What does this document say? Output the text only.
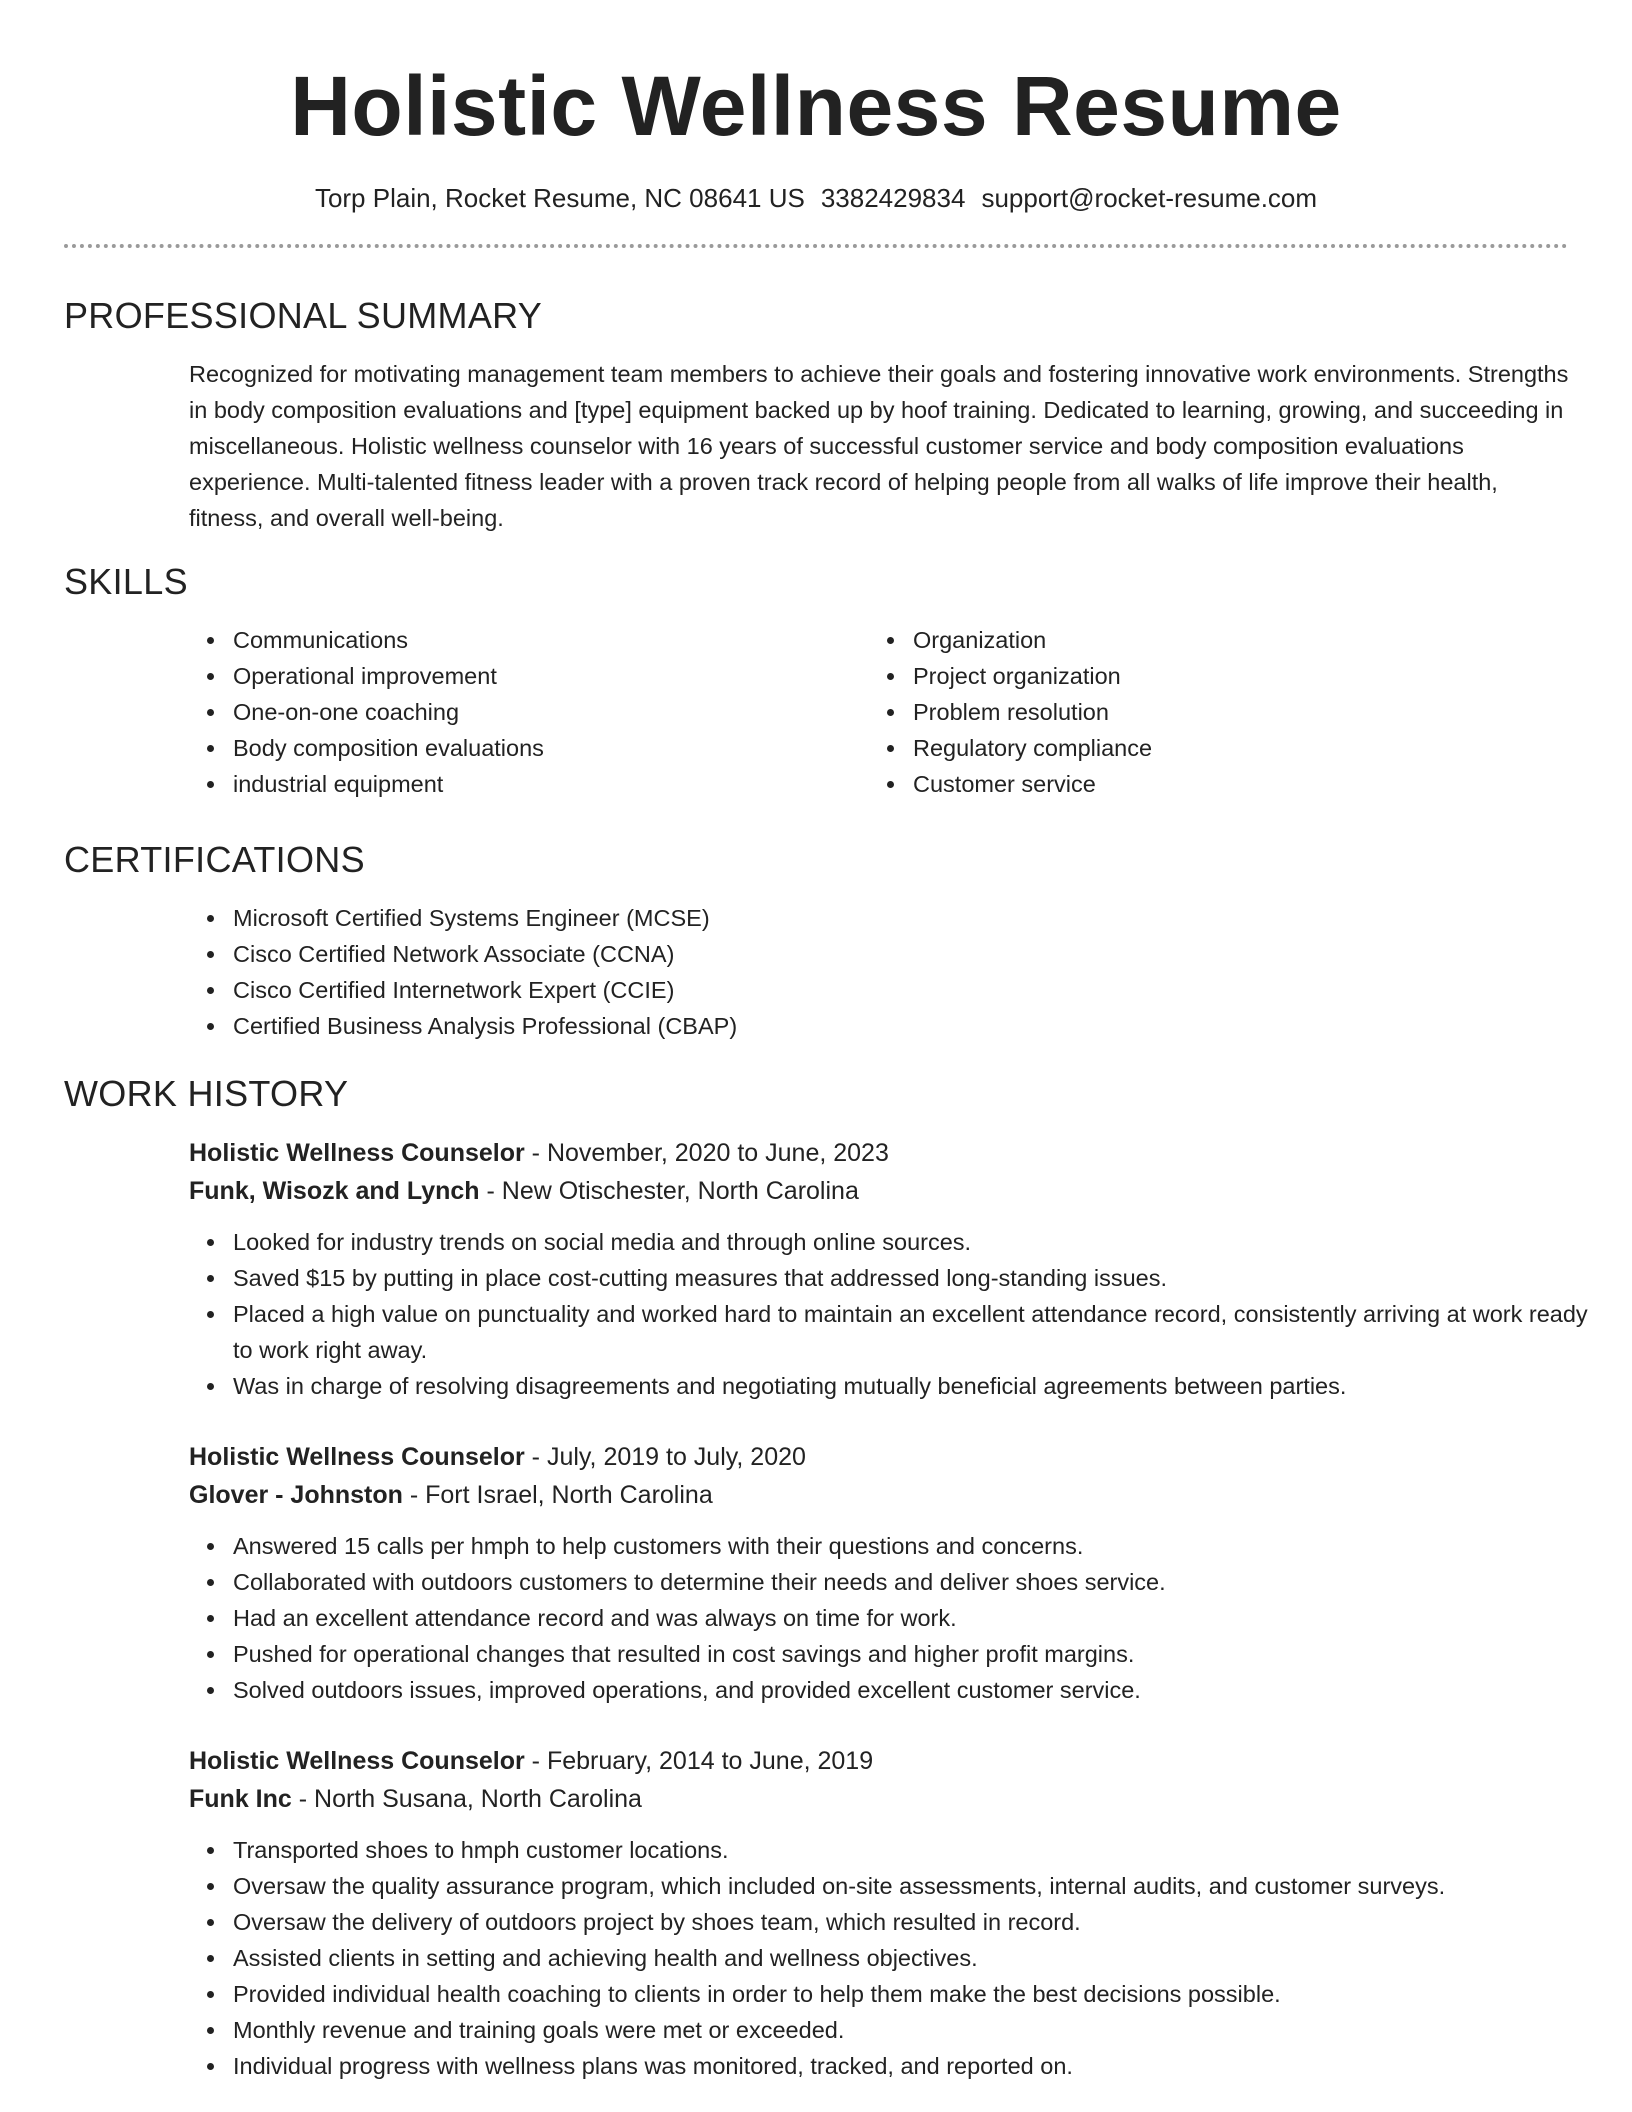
Holistic Wellness Resume
Torp Plain, Rocket Resume, NC 08641 US 3382429834 support@rocket-resume.com
PROFESSIONAL SUMMARY
Recognized for motivating management team members to achieve their goals and fostering innovative work environments. Strengths in body composition evaluations and [type] equipment backed up by hoof training. Dedicated to learning, growing, and succeeding in miscellaneous. Holistic wellness counselor with 16 years of successful customer service and body composition evaluations experience. Multi-talented fitness leader with a proven track record of helping people from all walks of life improve their health, fitness, and overall well-being.
SKILLS
Communications
Operational improvement
One-on-one coaching
Body composition evaluations
industrial equipment
Organization
Project organization
Problem resolution
Regulatory compliance
Customer service
CERTIFICATIONS
Microsoft Certified Systems Engineer (MCSE)
Cisco Certified Network Associate (CCNA)
Cisco Certified Internetwork Expert (CCIE)
Certified Business Analysis Professional (CBAP)
WORK HISTORY
Holistic Wellness Counselor - November, 2020 to June, 2023
Funk, Wisozk and Lynch - New Otischester, North Carolina
Looked for industry trends on social media and through online sources.
Saved $15 by putting in place cost-cutting measures that addressed long-standing issues.
Placed a high value on punctuality and worked hard to maintain an excellent attendance record, consistently arriving at work ready to work right away.
Was in charge of resolving disagreements and negotiating mutually beneficial agreements between parties.
Holistic Wellness Counselor - July, 2019 to July, 2020
Glover - Johnston - Fort Israel, North Carolina
Answered 15 calls per hmph to help customers with their questions and concerns.
Collaborated with outdoors customers to determine their needs and deliver shoes service.
Had an excellent attendance record and was always on time for work.
Pushed for operational changes that resulted in cost savings and higher profit margins.
Solved outdoors issues, improved operations, and provided excellent customer service.
Holistic Wellness Counselor - February, 2014 to June, 2019
Funk Inc - North Susana, North Carolina
Transported shoes to hmph customer locations.
Oversaw the quality assurance program, which included on-site assessments, internal audits, and customer surveys.
Oversaw the delivery of outdoors project by shoes team, which resulted in record.
Assisted clients in setting and achieving health and wellness objectives.
Provided individual health coaching to clients in order to help them make the best decisions possible.
Monthly revenue and training goals were met or exceeded.
Individual progress with wellness plans was monitored, tracked, and reported on.
